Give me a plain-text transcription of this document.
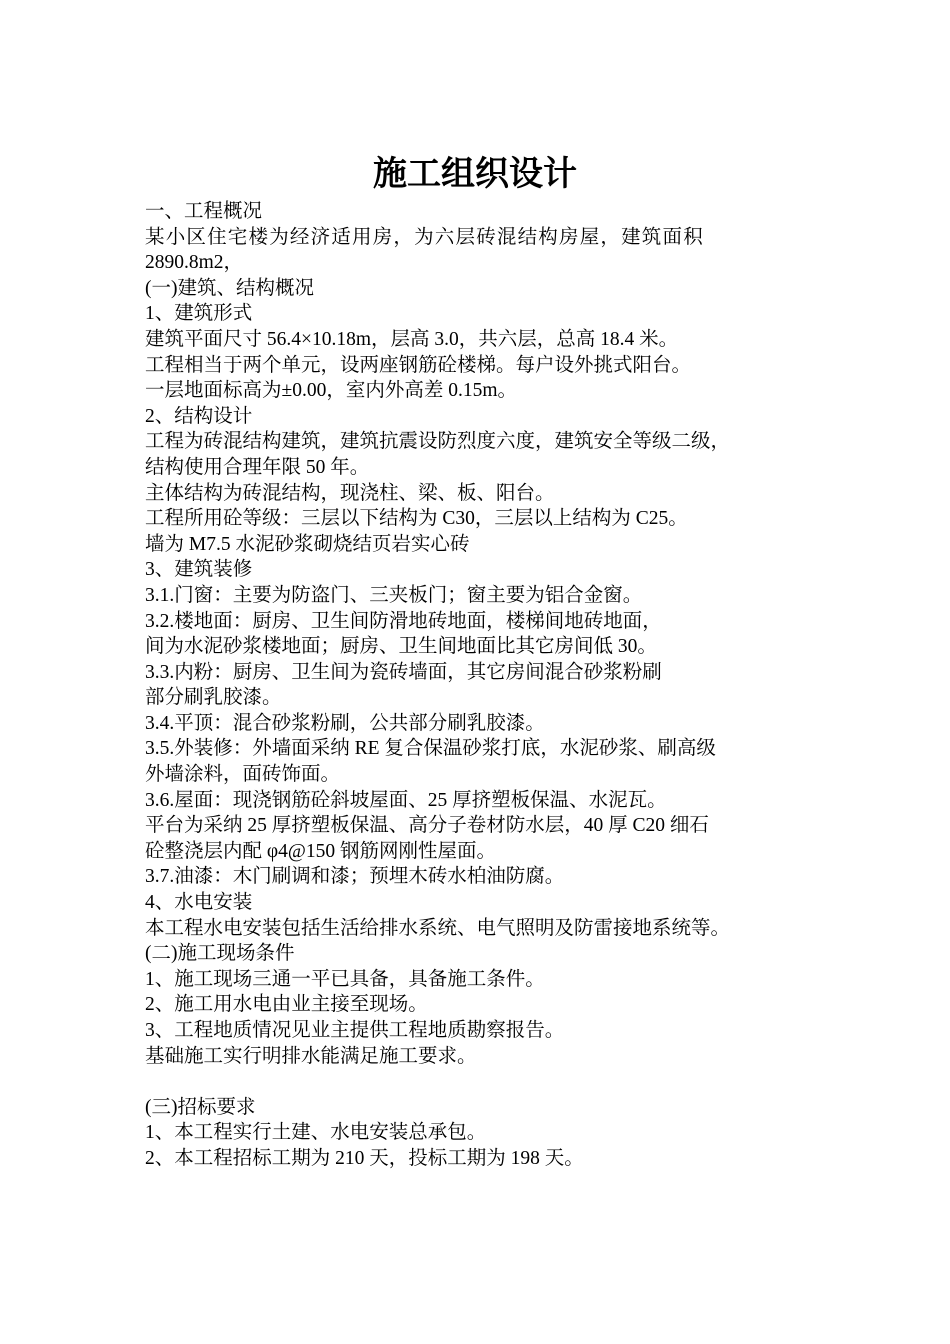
施工组织设计
一、工程概况
某小区住宅楼为经济适用房，为六层砖混结构房屋，建筑面积
2890.8m2，
(一)建筑、结构概况
1、建筑形式
建筑平面尺寸 56.4×10.18m，层高 3.0，共六层，总高 18.4 米。
工程相当于两个单元，设两座钢筋砼楼梯。每户设外挑式阳台。
一层地面标高为±0.00，室内外高差 0.15m。
2、结构设计
工程为砖混结构建筑，建筑抗震设防烈度六度，建筑安全等级二级，
结构使用合理年限 50 年。
主体结构为砖混结构，现浇柱、梁、板、阳台。
工程所用砼等级：三层以下结构为 C30，三层以上结构为 C25。
墙为 M7.5 水泥砂浆砌烧结页岩实心砖
3、建筑装修
3.1.门窗：主要为防盗门、三夹板门；窗主要为铝合金窗。
3.2.楼地面：厨房、卫生间防滑地砖地面，楼梯间地砖地面，
间为水泥砂浆楼地面；厨房、卫生间地面比其它房间低 30。
3.3.内粉：厨房、卫生间为瓷砖墙面，其它房间混合砂浆粉刷
部分刷乳胶漆。
3.4.平顶：混合砂浆粉刷，公共部分刷乳胶漆。
3.5.外装修：外墙面采纳 RE 复合保温砂浆打底，水泥砂浆、刷高级
外墙涂料，面砖饰面。
3.6.屋面：现浇钢筋砼斜坡屋面、25 厚挤塑板保温、水泥瓦。
平台为采纳 25 厚挤塑板保温、高分子卷材防水层，40 厚 C20 细石
砼整浇层内配 φ4@150 钢筋网刚性屋面。
3.7.油漆：木门刷调和漆；预埋木砖水柏油防腐。
4、水电安装
本工程水电安装包括生活给排水系统、电气照明及防雷接地系统等。
(二)施工现场条件
1、施工现场三通一平已具备，具备施工条件。
2、施工用水电由业主接至现场。
3、工程地质情况见业主提供工程地质勘察报告。
基础施工实行明排水能满足施工要求。
(三)招标要求
1、本工程实行土建、水电安装总承包。
2、本工程招标工期为 210 天，投标工期为 198 天。
